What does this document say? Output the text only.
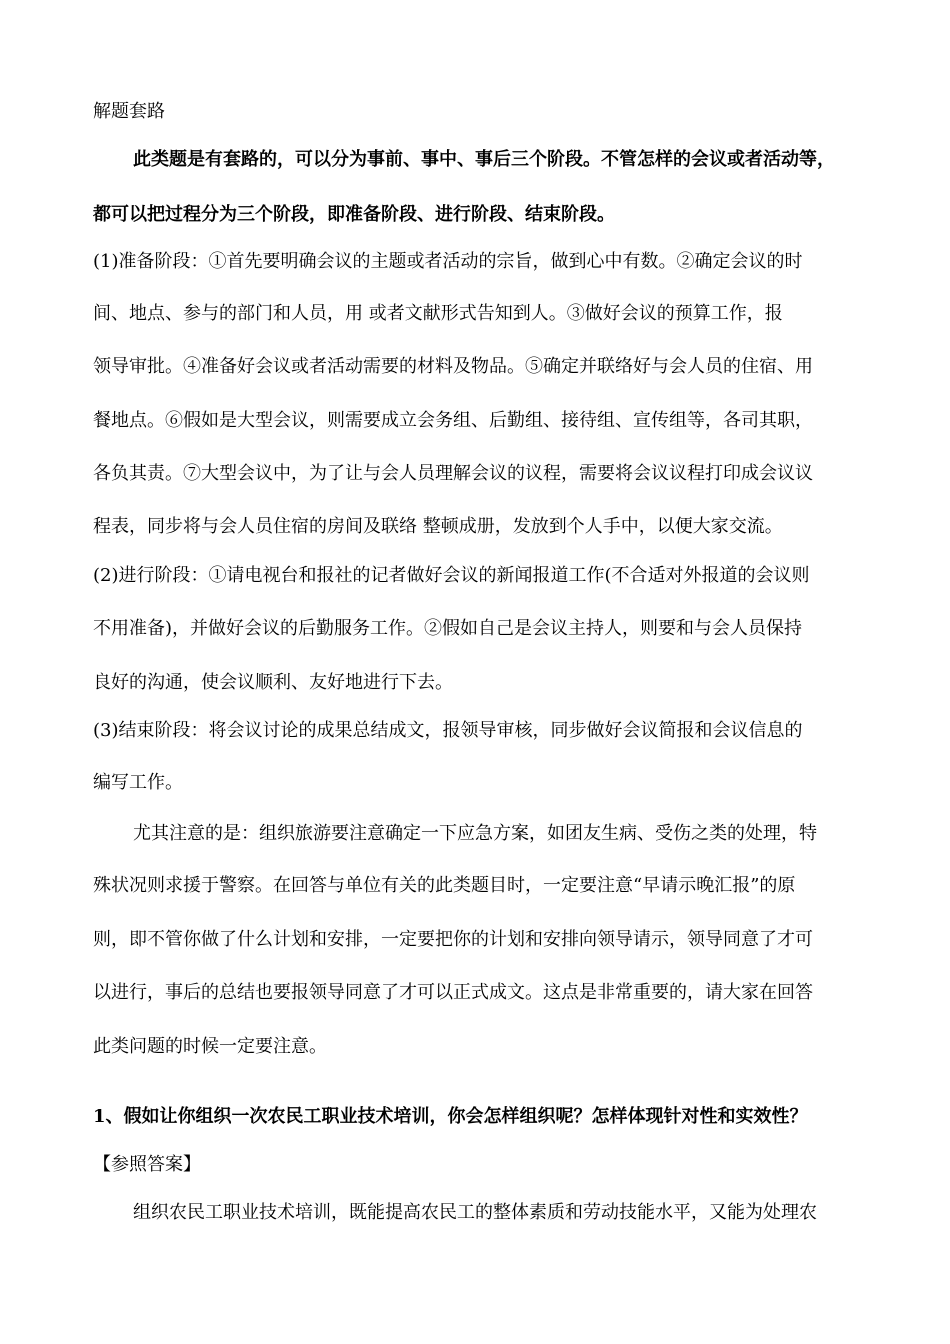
解题套路
此类题是有套路的，可以分为事前、事中、事后三个阶段。不管怎样的会议或者活动等，
都可以把过程分为三个阶段，即准备阶段、进行阶段、结束阶段。
(1)准备阶段：①首先要明确会议的主题或者活动的宗旨，做到心中有数。②确定会议的时
间、地点、参与的部门和人员，用 或者文献形式告知到人。③做好会议的预算工作，报
领导审批。④准备好会议或者活动需要的材料及物品。⑤确定并联络好与会人员的住宿、用
餐地点。⑥假如是大型会议，则需要成立会务组、后勤组、接待组、宣传组等，各司其职，
各负其责。⑦大型会议中，为了让与会人员理解会议的议程，需要将会议议程打印成会议议
程表，同步将与会人员住宿的房间及联络 整顿成册，发放到个人手中，以便大家交流。
(2)进行阶段：①请电视台和报社的记者做好会议的新闻报道工作(不合适对外报道的会议则
不用准备)，并做好会议的后勤服务工作。②假如自己是会议主持人，则要和与会人员保持
良好的沟通，使会议顺利、友好地进行下去。
(3)结束阶段：将会议讨论的成果总结成文，报领导审核，同步做好会议简报和会议信息的
编写工作。
尤其注意的是：组织旅游要注意确定一下应急方案，如团友生病、受伤之类的处理，特
殊状况则求援于警察。在回答与单位有关的此类题目时，一定要注意“早请示晚汇报”的原
则，即不管你做了什么计划和安排，一定要把你的计划和安排向领导请示，领导同意了才可
以进行，事后的总结也要报领导同意了才可以正式成文。这点是非常重要的，请大家在回答
此类问题的时候一定要注意。
1、假如让你组织一次农民工职业技术培训，你会怎样组织呢？怎样体现针对性和实效性？
【参照答案】
组织农民工职业技术培训，既能提高农民工的整体素质和劳动技能水平，又能为处理农
